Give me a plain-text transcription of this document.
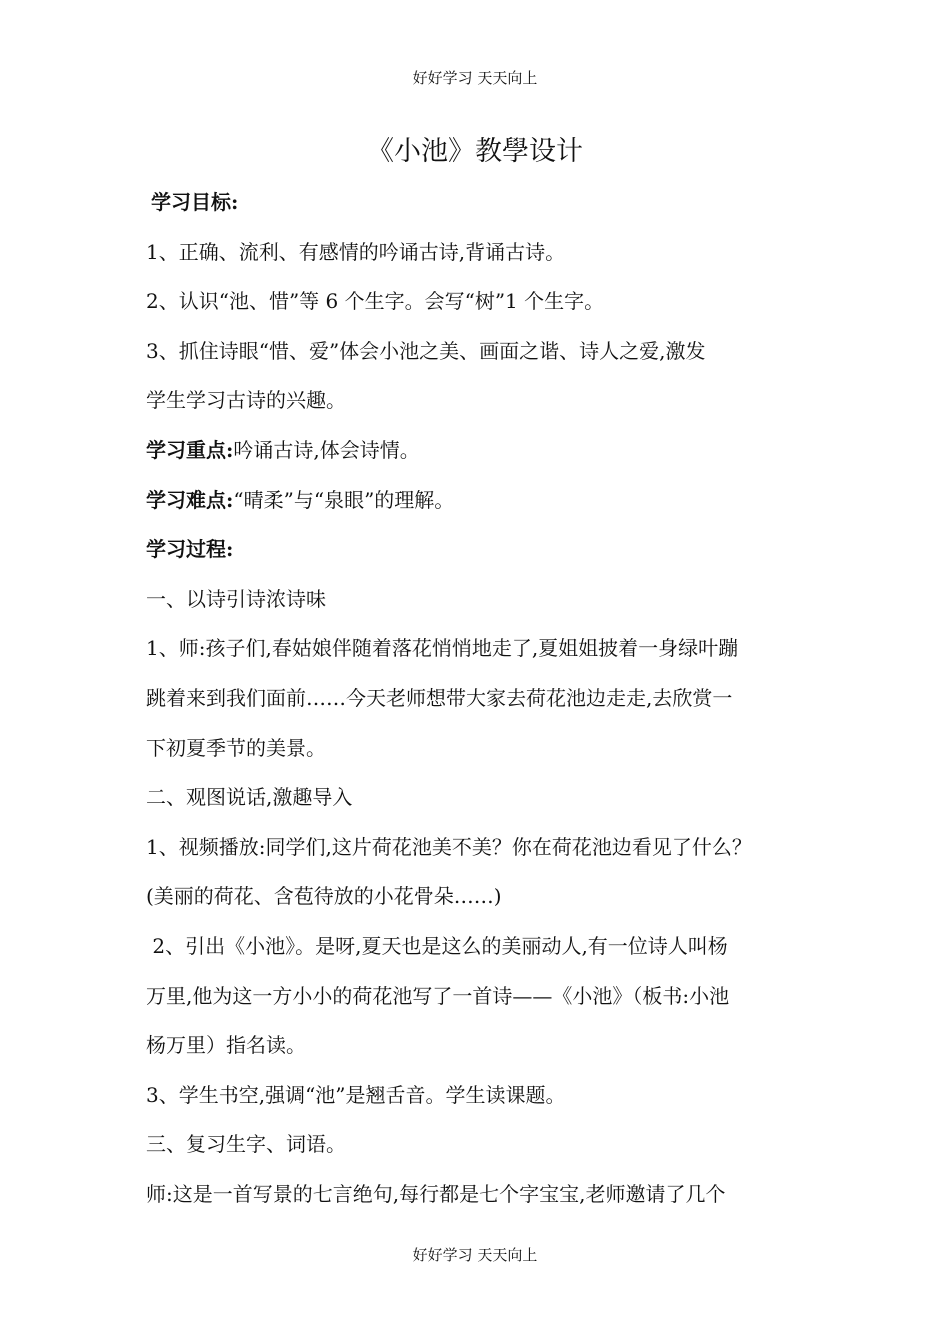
好好学习 天天向上
《小池》教學设计

学习目标:

1、正确、流利、有感情的吟诵古诗,背诵古诗。

2、认识“池、惜”等 6 个生字。会写“树”1 个生字。

3、抓住诗眼“惜、爱”体会小池之美、画面之谐、诗人之爱,激发

学生学习古诗的兴趣。

学习重点:吟诵古诗,体会诗情。

学习难点:“晴柔”与“泉眼”的理解。

学习过程:

一、以诗引诗浓诗味

1、师:孩子们,春姑娘伴随着落花悄悄地走了,夏姐姐披着一身绿叶蹦

跳着来到我们面前……今天老师想带大家去荷花池边走走,去欣赏一

下初夏季节的美景。

二、观图说话,激趣导入

1、视频播放:同学们,这片荷花池美不美？你在荷花池边看见了什么？

(美丽的荷花、含苞待放的小花骨朵……)

2、引出《小池》。是呀,夏天也是这么的美丽动人,有一位诗人叫杨

万里,他为这一方小小的荷花池写了一首诗——《小池》（板书:小池

杨万里）指名读。

3、学生书空,强调“池”是翘舌音。学生读课题。

三、复习生字、词语。

师:这是一首写景的七言绝句,每行都是七个字宝宝,老师邀请了几个

好好学习 天天向上
